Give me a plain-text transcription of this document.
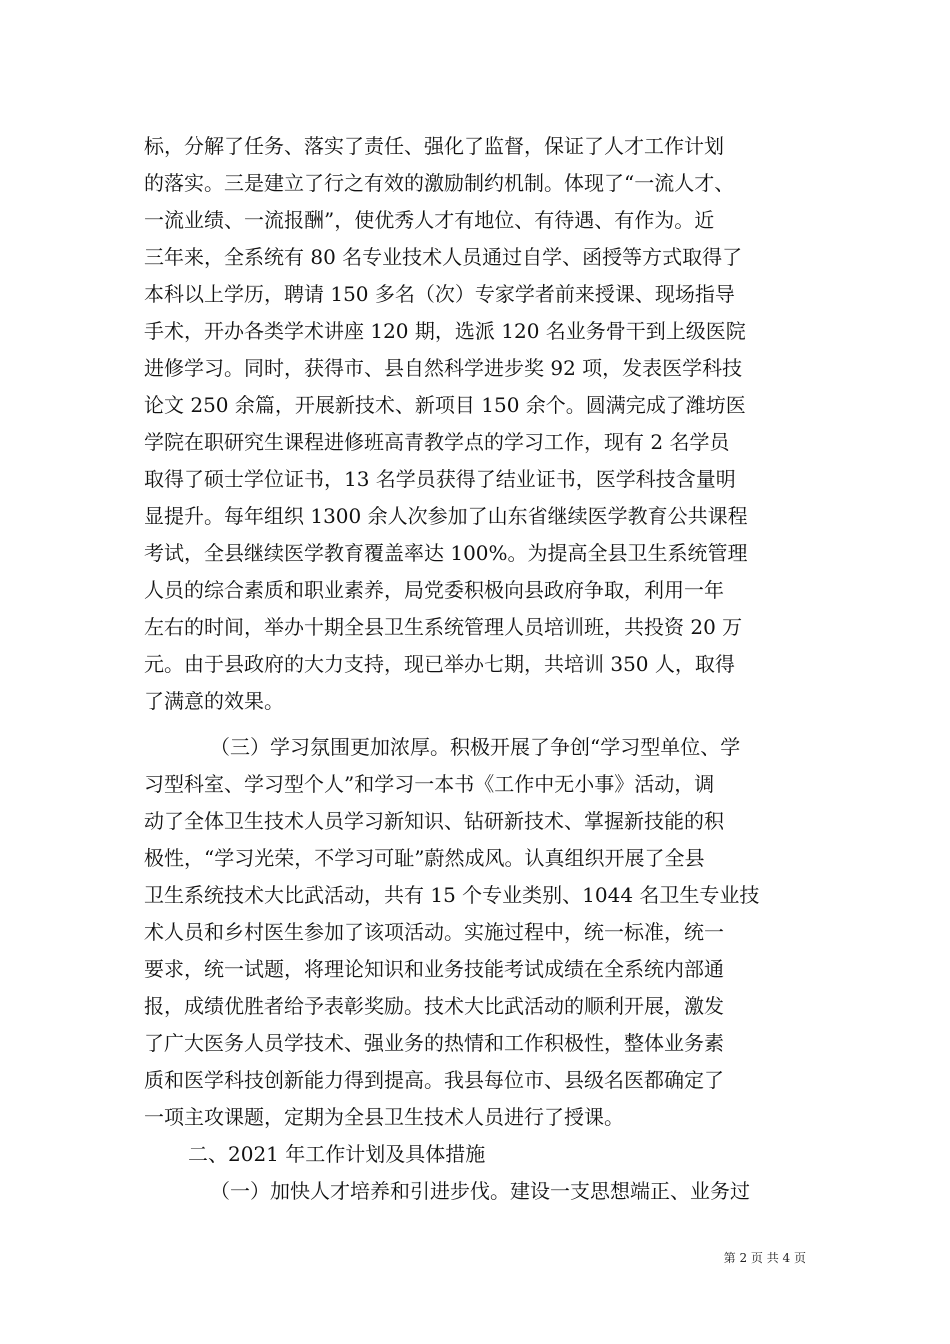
标，分解了任务、落实了责任、强化了监督，保证了人才工作计划
的落实。三是建立了行之有效的激励制约机制。体现了“一流人才、
一流业绩、一流报酬”，使优秀人才有地位、有待遇、有作为。近
三年来，全系统有 80 名专业技术人员通过自学、函授等方式取得了
本科以上学历，聘请 150 多名（次）专家学者前来授课、现场指导
手术，开办各类学术讲座 120 期，选派 120 名业务骨干到上级医院
进修学习。同时，获得市、县自然科学进步奖 92 项，发表医学科技
论文 250 余篇，开展新技术、新项目 150 余个。圆满完成了潍坊医
学院在职研究生课程进修班高青教学点的学习工作，现有 2 名学员
取得了硕士学位证书，13 名学员获得了结业证书，医学科技含量明
显提升。每年组织 1300 余人次参加了山东省继续医学教育公共课程
考试，全县继续医学教育覆盖率达 100%。为提高全县卫生系统管理
人员的综合素质和职业素养，局党委积极向县政府争取，利用一年
左右的时间，举办十期全县卫生系统管理人员培训班，共投资 20 万
元。由于县政府的大力支持，现已举办七期，共培训 350 人，取得
了满意的效果。
（三）学习氛围更加浓厚。积极开展了争创“学习型单位、学
习型科室、学习型个人”和学习一本书《工作中无小事》活动，调
动了全体卫生技术人员学习新知识、钻研新技术、掌握新技能的积
极性，“学习光荣，不学习可耻”蔚然成风。认真组织开展了全县
卫生系统技术大比武活动，共有 15 个专业类别、1044 名卫生专业技
术人员和乡村医生参加了该项活动。实施过程中，统一标准，统一
要求，统一试题，将理论知识和业务技能考试成绩在全系统内部通
报，成绩优胜者给予表彰奖励。技术大比武活动的顺利开展，激发
了广大医务人员学技术、强业务的热情和工作积极性，整体业务素
质和医学科技创新能力得到提高。我县每位市、县级名医都确定了
一项主攻课题，定期为全县卫生技术人员进行了授课。
二、2021 年工作计划及具体措施
（一）加快人才培养和引进步伐。建设一支思想端正、业务过
第 2 页 共 4 页
